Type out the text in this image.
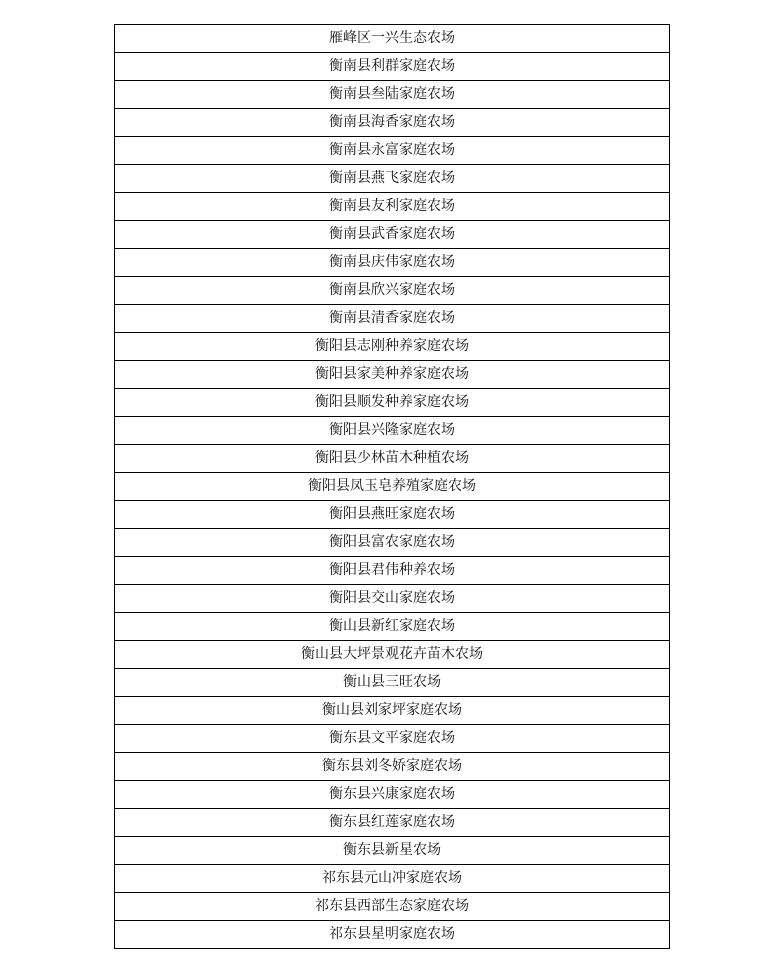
雁峰区一兴生态农场
衡南县利群家庭农场
衡南县叁陆家庭农场
衡南县海香家庭农场
衡南县永富家庭农场
衡南县燕飞家庭农场
衡南县友利家庭农场
衡南县武香家庭农场
衡南县庆伟家庭农场
衡南县欣兴家庭农场
衡南县清香家庭农场
衡阳县志刚种养家庭农场
衡阳县家美种养家庭农场
衡阳县顺发种养家庭农场
衡阳县兴隆家庭农场
衡阳县少林苗木种植农场
衡阳县凤玉皂养殖家庭农场
衡阳县燕旺家庭农场
衡阳县富农家庭农场
衡阳县君伟种养农场
衡阳县交山家庭农场
衡山县新红家庭农场
衡山县大坪景观花卉苗木农场
衡山县三旺农场
衡山县刘家坪家庭农场
衡东县文平家庭农场
衡东县刘冬娇家庭农场
衡东县兴康家庭农场
衡东县红莲家庭农场
衡东县新星农场
祁东县元山冲家庭农场
祁东县西部生态家庭农场
祁东县星明家庭农场
